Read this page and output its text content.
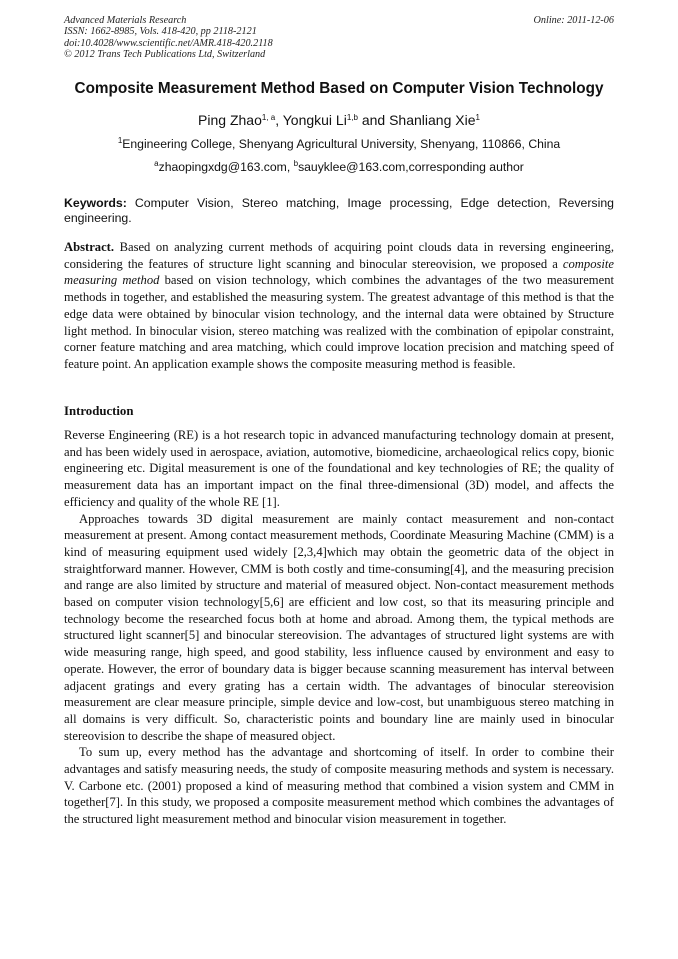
Advanced Materials Research
ISSN: 1662-8985, Vols. 418-420, pp 2118-2121
doi:10.4028/www.scientific.net/AMR.418-420.2118
© 2012 Trans Tech Publications Ltd, Switzerland
Online: 2011-12-06
Composite Measurement Method Based on Computer Vision Technology
Ping Zhao$^{1, a}$, Yongkui Li$^{1,b}$ and Shanliang Xie$^1$
$^1$Engineering College, Shenyang Agricultural University, Shenyang, 110866, China
$^a$zhaopingxdg@163.com, $^b$sauyklee@163.com,corresponding author
Keywords: Computer Vision, Stereo matching, Image processing, Edge detection, Reversing engineering.
Abstract. Based on analyzing current methods of acquiring point clouds data in reversing engineering, considering the features of structure light scanning and binocular stereovision, we proposed a composite measuring method based on vision technology, which combines the advantages of the two measurement methods in together, and established the measuring system. The greatest advantage of this method is that the edge data were obtained by binocular vision technology, and the internal data were obtained by Structure light method. In binocular vision, stereo matching was realized with the combination of epipolar constraint, corner feature matching and area matching, which could improve location precision and matching speed of feature point. An application example shows the composite measuring method is feasible.
Introduction

Reverse Engineering (RE) is a hot research topic in advanced manufacturing technology domain at present, and has been widely used in aerospace, aviation, automotive, biomedicine, archaeological relics copy, bionic engineering etc. Digital measurement is one of the foundational and key technologies of RE; the quality of measurement data has an important impact on the final three-dimensional (3D) model, and affects the efficiency and quality of the whole RE [1].

Approaches towards 3D digital measurement are mainly contact measurement and non-contact measurement at present. Among contact measurement methods, Coordinate Measuring Machine (CMM) is a kind of measuring equipment used widely [2,3,4]which may obtain the geometric data of the object in straightforward manner. However, CMM is both costly and time-consuming[4], and the measuring precision and range are also limited by structure and material of measured object. Non-contact measurement methods based on computer vision technology[5,6] are efficient and low cost, so that its measuring principle and technology become the researched focus both at home and abroad. Among them, the typical methods are structured light scanner[5] and binocular stereovision. The advantages of structured light systems are with wide measuring range, high speed, and good stability, less influence caused by environment and easy to operate. However, the error of boundary data is bigger because scanning measurement has interval between adjacent gratings and every grating has a certain width. The advantages of binocular stereovision measurement are clear measure principle, simple device and low-cost, but unambiguous stereo matching in all domains is very difficult. So, characteristic points and boundary line are mainly used in binocular stereovision to describe the shape of measured object.

To sum up, every method has the advantage and shortcoming of itself. In order to combine their advantages and satisfy measuring needs, the study of composite measuring methods and system is necessary. V. Carbone etc. (2001) proposed a kind of measuring method that combined a vision system and CMM in together[7]. In this study, we proposed a composite measurement method which combines the advantages of the structured light measurement method and binocular vision measurement in together.
